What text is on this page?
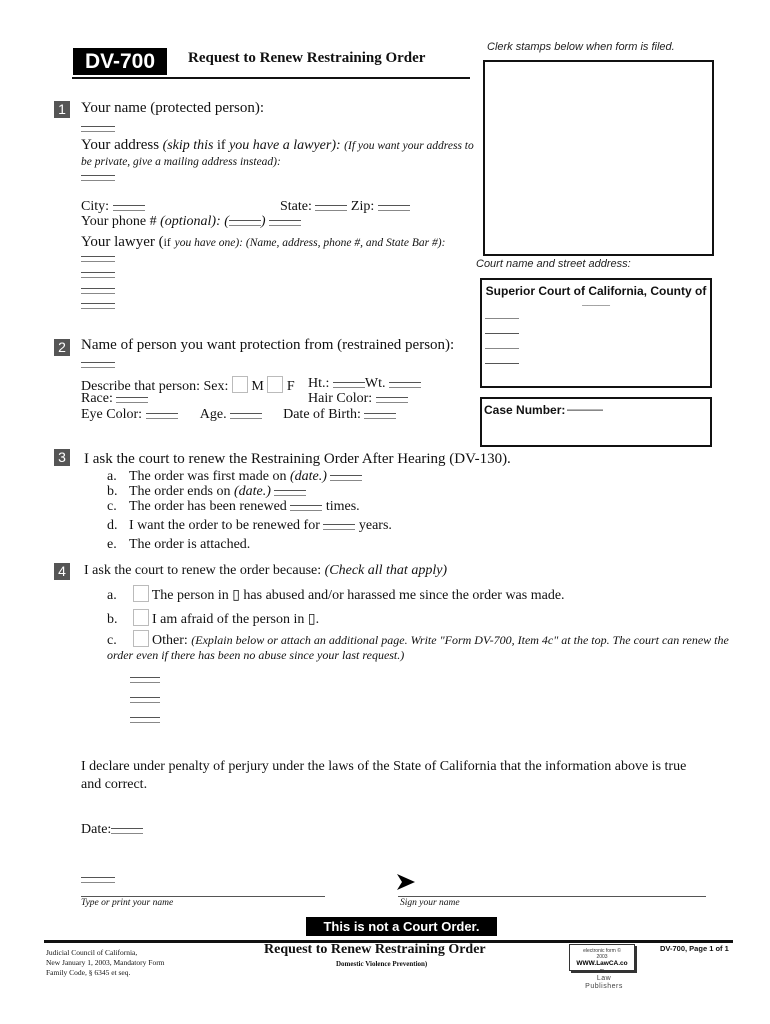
DV-700	Request to Renew Restraining Order
Clerk stamps below when form is filed.
Court name and street address:
Superior Court of California, County of
_____
Case Number: ———
1 Your name (protected person):
Your address (skip this if you have a lawyer): (If you want your address to be private, give a mailing address instead):
City:	State:	Zip:
Your phone # (optional): ( )
Your lawyer (if you have one): (Name, address, phone #, and State Bar #):
2 Name of person you want protection from (restrained person):
Describe that person: Sex: M F Ht.:	Wt.
Race:	Hair Color:
Eye Color:	Age.	Date of Birth:
3 I ask the court to renew the Restraining Order After Hearing (DV-130).
a. The order was first made on (date.)
b. The order ends on (date.)
c. The order has been renewed	times.
d. I want the order to be renewed for	years.
e. The order is attached.
4 I ask the court to renew the order because: (Check all that apply)
a.	The person in ▯ has abused and/or harassed me since the order was made.
b. I am afraid of the person in ▯.
c.	Other: (Explain below or attach an additional page. Write "Form DV-700, Item 4c" at the top. The court can renew the order even if there has been no abuse since your last request.)
I declare under penalty of perjury under the laws of the State of California that the information above is true and correct.
Date:
Type or print your name	Sign your name
This is not a Court Order.
Judicial Council of California,
New January 1, 2003, Mandatory Form
Family Code, § 6345 et seq.
Request to Renew Restraining Order
Domestic Violence Prevention)
electronic form ©
2003
WWW.LawCA.co
m
Law
Publishers
DV-700, Page 1 of 1
